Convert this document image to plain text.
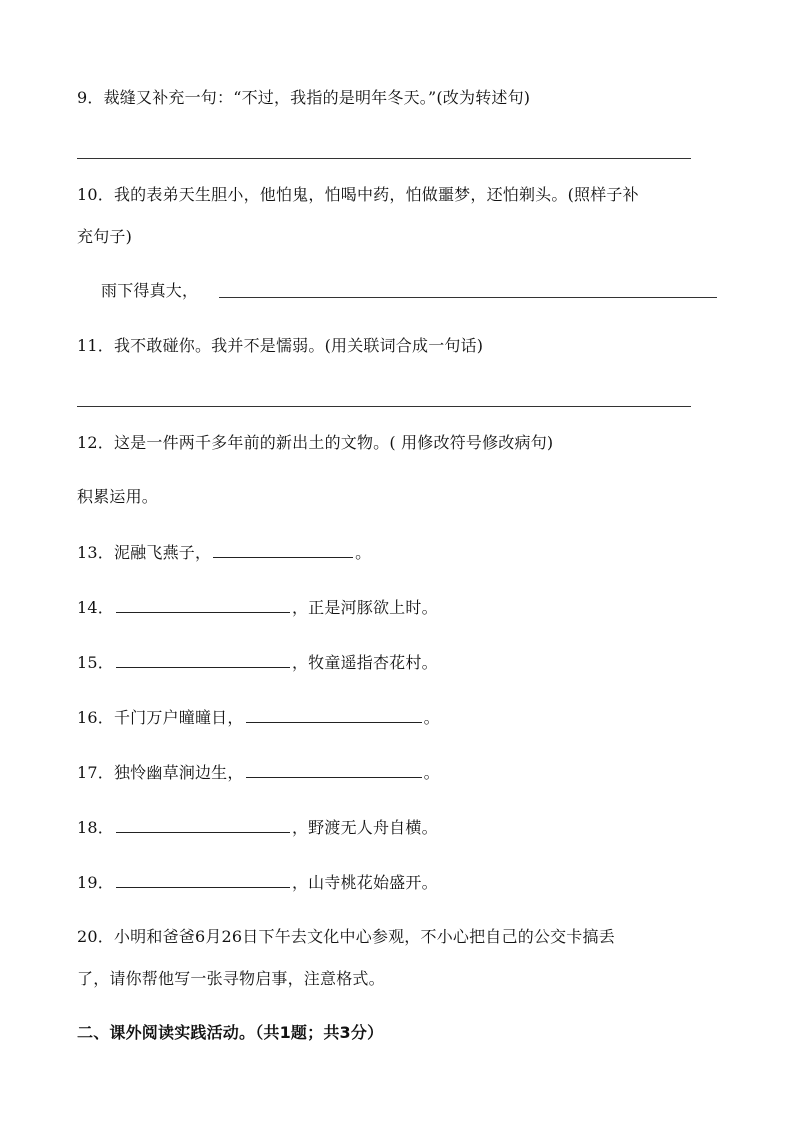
9．裁缝又补充一句：“不过，我指的是明年冬天。”(改为转述句)
10．我的表弟天生胆小，他怕鬼，怕喝中药，怕做噩梦，还怕剃头。(照样子补
充句子)
雨下得真大，
11．我不敢碰你。我并不是懦弱。(用关联词合成一句话)
12．这是一件两千多年前的新出土的文物。( 用修改符号修改病句)
积累运用。
13．泥融飞燕子，	。
14．	，正是河豚欲上时。
15．	，牧童遥指杏花村。
16．千门万户曈曈日，	。
17．独怜幽草涧边生，	。
18．	，野渡无人舟自横。
19．	，山寺桃花始盛开。
20．小明和爸爸6月26日下午去文化中心参观，不小心把自己的公交卡搞丢
了，请你帮他写一张寻物启事，注意格式。
二、课外阅读实践活动。（共1题；共3分）
